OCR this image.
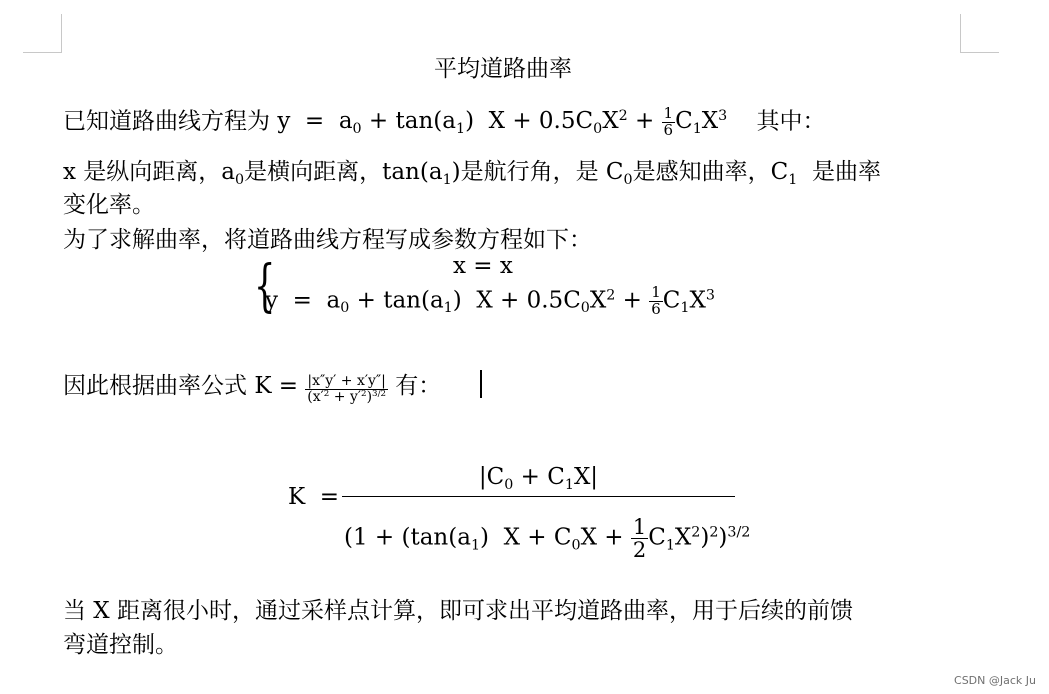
平均道路曲率
已知道路曲线方程为 $y = a_0 + \tan(a_1) X + 0.5C_0X^2 + \frac{1}{6} C_1X^3$ 其中：
x 是纵向距离，$a_0$是横向距离，$\tan(a_1)$是航行角，是 $C_0$是感知曲率，$C_1$ 是曲率
变化率。
为了求解曲率，将道路曲线方程写成参数方程如下：
{	x = x
$y = a_0 + \tan(a_1) X + 0.5C_0X^2 + \frac{1}{6} C_1X^3$
因此根据曲率公式 $K = \frac{|x''y' + x'y''|}{(x'^2 + y'^2)^{3/2}}$ 有：
K  =
$|C_0 + C_1X|$
$(1 + (\tan(a_1) X + C_0X + \frac{1}{2} C_1X^2)^2)^{3/2}$
当 X 距离很小时，通过采样点计算，即可求出平均道路曲率，用于后续的前馈
弯道控制。
CSDN @Jack Ju
